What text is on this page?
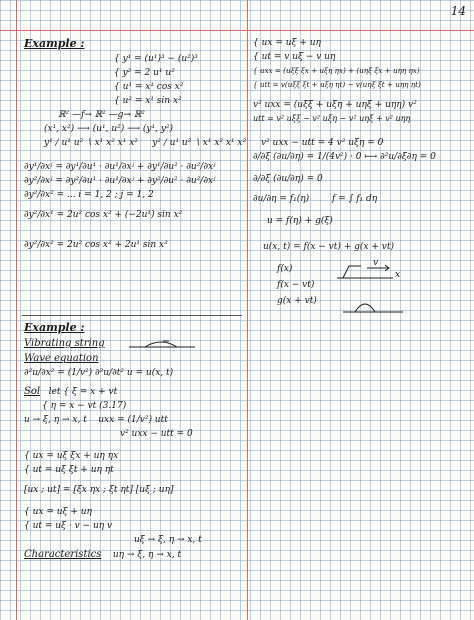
14
Example :
{ y¹ = (u¹)³ − (u²)³
{ y² = 2 u¹ u²
{ u¹ = x¹ cos x²
{ u² = x¹ sin x²
ℝ² —f→ ℝ² —g→ ℝ²
(x¹, x²) ⟶ (u¹, u²) ⟶ (y¹, y²)
y¹ ∕ u¹ u² ∖ x¹ x² x¹ x² y² ∕ u¹ u² ∖ x¹ x² x¹ x²
∂y¹/∂xʲ = ∂y¹/∂u¹ · ∂u¹/∂xʲ + ∂y¹/∂u² · ∂u²/∂xʲ
∂y²/∂xʲ = ∂y²/∂u¹ · ∂u¹/∂xʲ + ∂y²/∂u² · ∂u²/∂xʲ
∂y²/∂x² = ... i = 1, 2 ; j = 1, 2
∂y²/∂x¹ = 2u² cos x² + (−2u¹) sin x²
∂y²/∂x² = 2u² cos x² + 2u¹ sin x²
Example :
Vibrating string
Wave equation
∂²u/∂x² = (1/v²) ∂²u/∂t² u = u(x, t)
Sol let { ξ = x + vt
{ η = x − vt (3.17)
u → ξ, η → x, t uxx = (1/v²) utt
v² uxx − utt = 0
{ ux = uξ ξx + uη ηx
{ ut = uξ ξt + uη ηt
[ux ; ut] = [ξx ηx ; ξt ηt] [uξ ; uη]
{ ux = uξ + uη
{ ut = uξ · v − uη v
uξ → ξ, η → x, t
Characteristics uη → ξ, η → x, t
{ ux = uξ + uη
{ ut = v uξ − v uη
{ uxx = (uξξ ξx + uξη ηx) + (uηξ ξx + uηη ηx)
{ utt = v(uξξ ξt + uξη ηt) − v(uηξ ξt + uηη ηt)
v² uxx = (uξξ + uξη + uηξ + uηη) v²
utt = v² uξξ − v² uξη − v² uηξ + v² uηη
v² uxx − utt = 4 v² uξη = 0
∂/∂ξ (∂u/∂η) = 1/(4v²) · 0 ⟼ ∂²u/∂ξ∂η = 0
∂/∂ξ (∂u/∂η) = 0
∂u/∂η = f₁(η)	f = ∫ f₁ dη
u = f(η) + g(ξ)
u(x, t) = f(x − vt) + g(x + vt)
f(x)
f(x − vt)
g(x + vt)
v
x
